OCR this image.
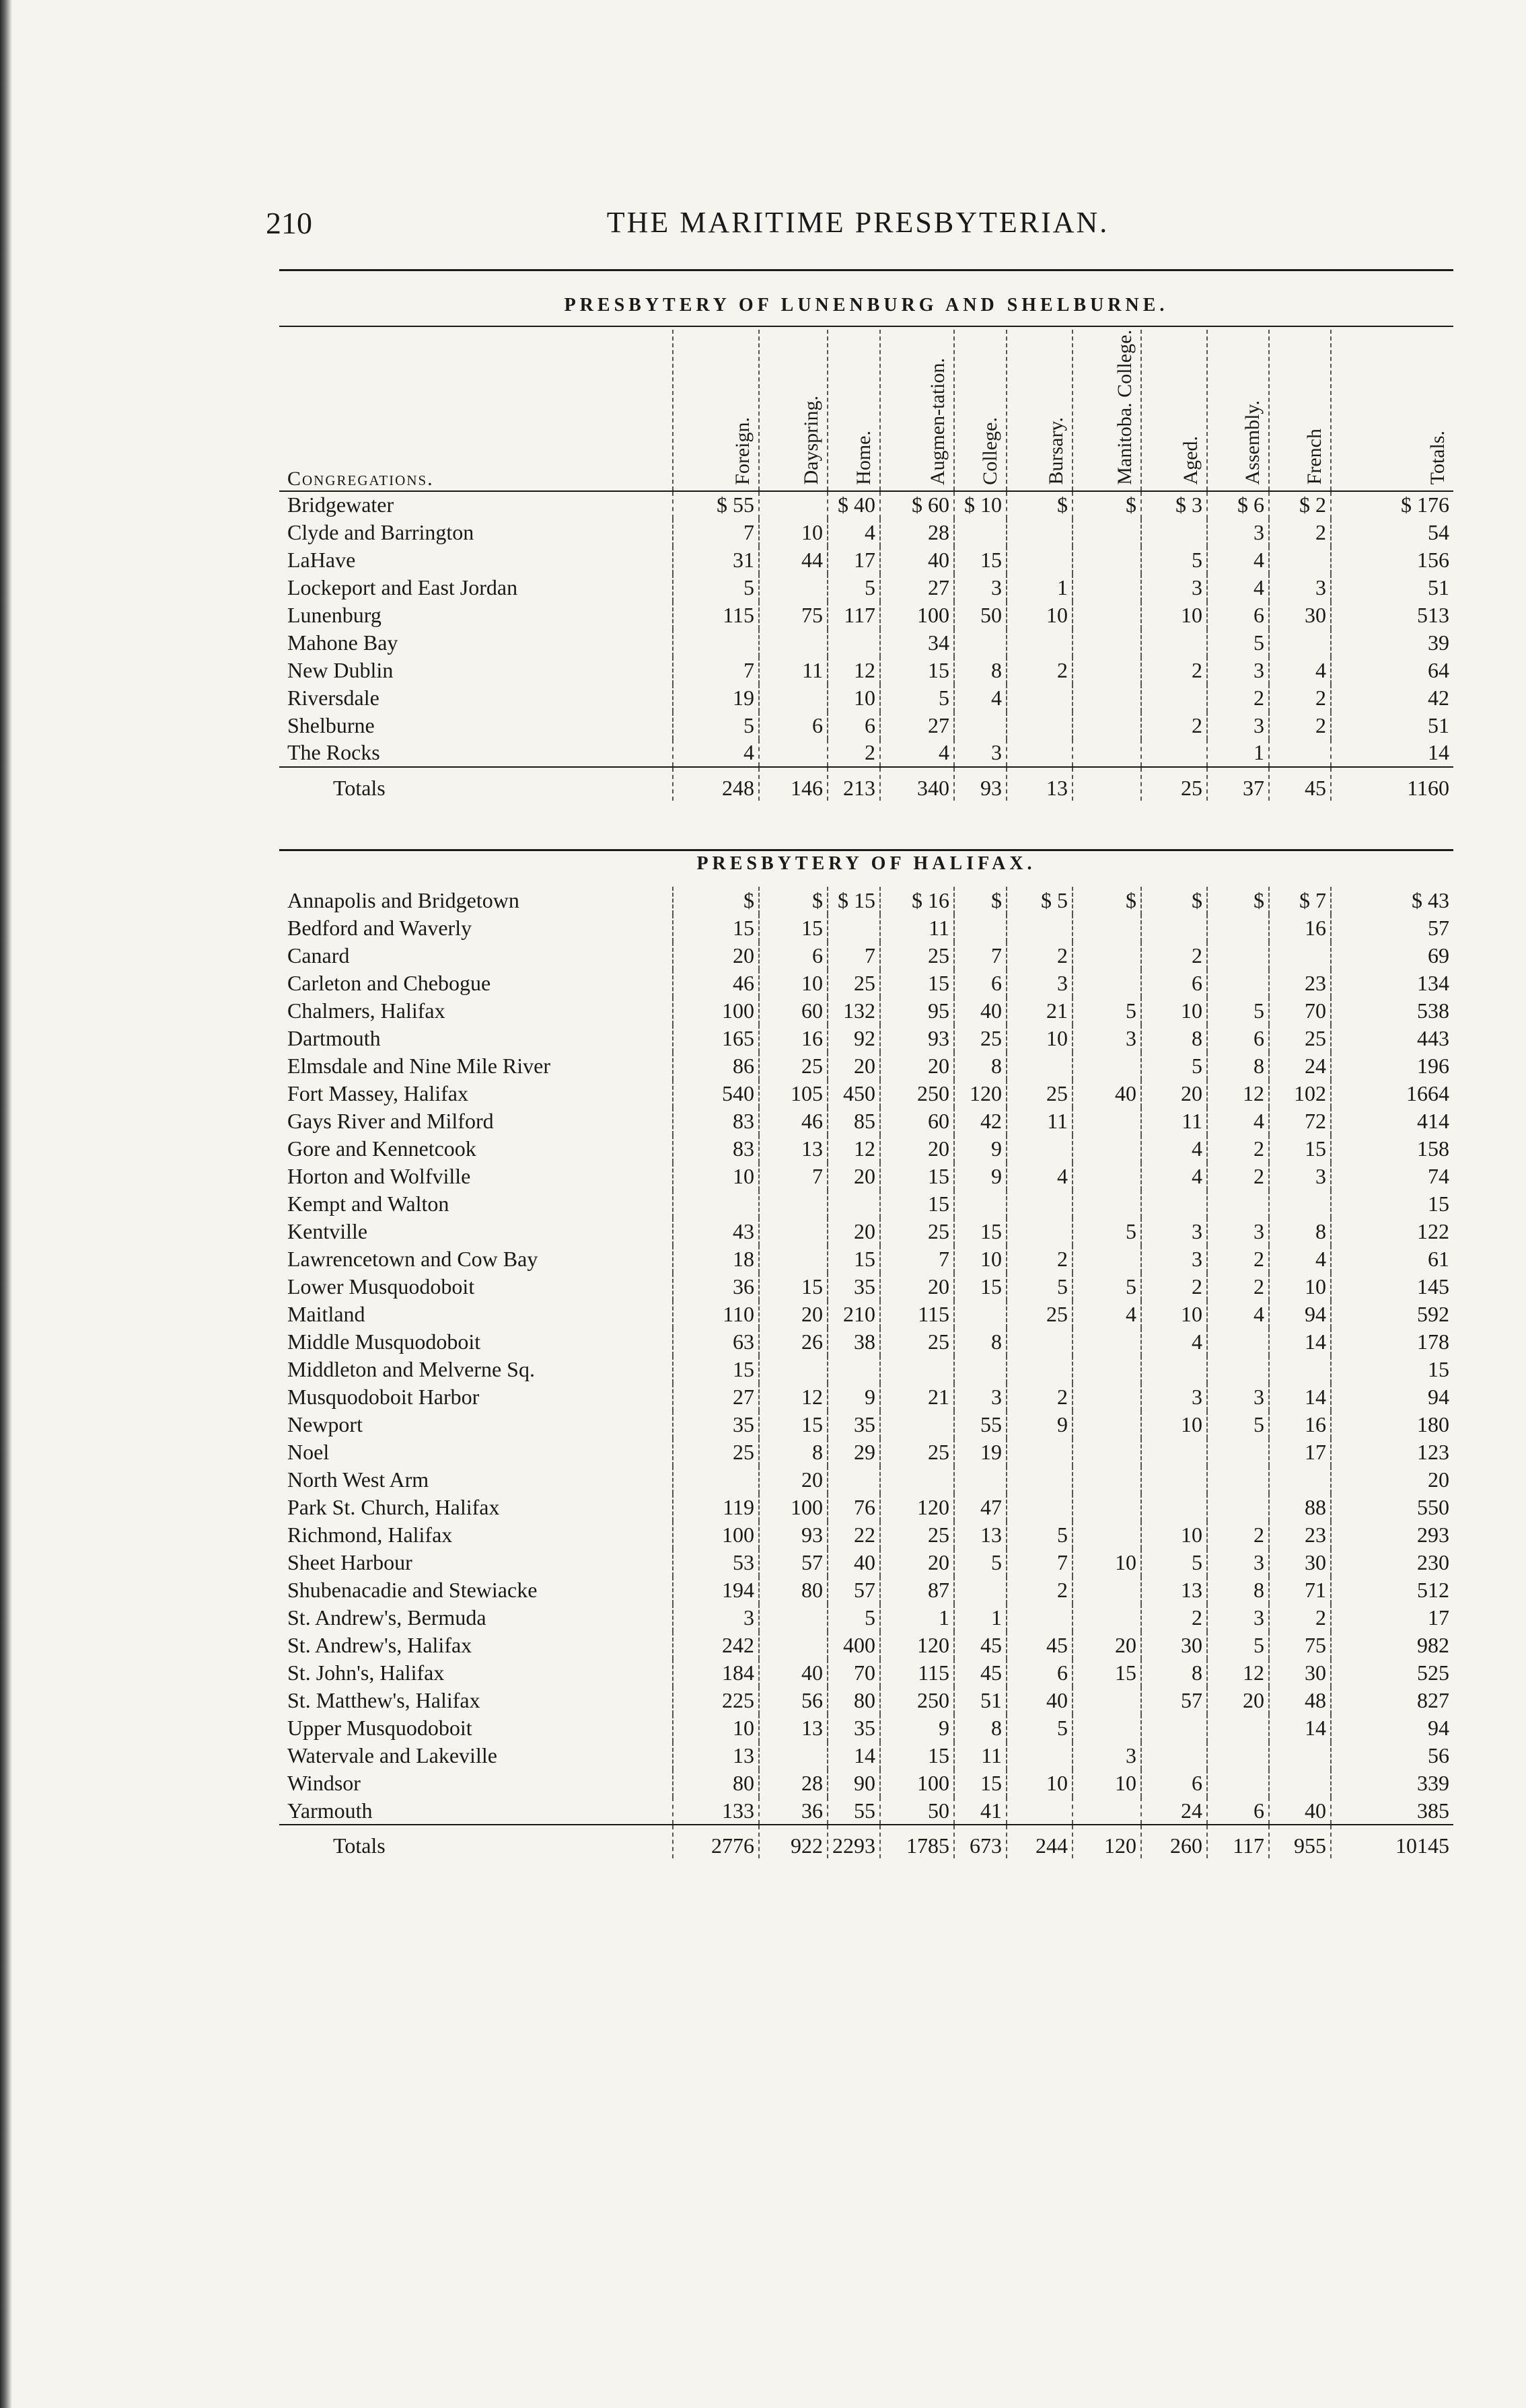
210	THE MARITIME PRESBYTERIAN.
PRESBYTERY OF LUNENBURG AND SHELBURNE.
Congregations.	Foreign.	Dayspring.	Home.	Augmen-tation.	College.	Bursary.	Manitoba. College.	Aged.	Assembly.	French	Totals.
Bridgewater	$ 55		$ 40	$ 60	$ 10	$	$	$ 3	$ 6	$ 2	$ 176
Clyde and Barrington	7	10	4	28					3	2	54
LaHave	31	44	17	40	15			5	4		156
Lockeport and East Jordan	5		5	27	3	1		3	4	3	51
Lunenburg	115	75	117	100	50	10		10	6	30	513
Mahone Bay				34					5		39
New Dublin	7	11	12	15	8	2		2	3	4	64
Riversdale	19		10	5	4				2	2	42
Shelburne	5	6	6	27				2	3	2	51
The Rocks	4		2	4	3				1		14
Totals	248	146	213	340	93	13		25	37	45	1160
PRESBYTERY OF HALIFAX.
Annapolis and Bridgetown	$	$	$ 15	$ 16	$	$ 5	$	$	$	$ 7	$ 43
Bedford and Waverly	15	15		11						16	57
Canard	20	6	7	25	7	2		2			69
Carleton and Chebogue	46	10	25	15	6	3		6		23	134
Chalmers, Halifax	100	60	132	95	40	21	5	10	5	70	538
Dartmouth	165	16	92	93	25	10	3	8	6	25	443
Elmsdale and Nine Mile River	86	25	20	20	8			5	8	24	196
Fort Massey, Halifax	540	105	450	250	120	25	40	20	12	102	1664
Gays River and Milford	83	46	85	60	42	11		11	4	72	414
Gore and Kennetcook	83	13	12	20	9			4	2	15	158
Horton and Wolfville	10	7	20	15	9	4		4	2	3	74
Kempt and Walton				15							15
Kentville	43		20	25	15		5	3	3	8	122
Lawrencetown and Cow Bay	18		15	7	10	2		3	2	4	61
Lower Musquodoboit	36	15	35	20	15	5	5	2	2	10	145
Maitland	110	20	210	115		25	4	10	4	94	592
Middle Musquodoboit	63	26	38	25	8			4		14	178
Middleton and Melverne Sq.	15										15
Musquodoboit Harbor	27	12	9	21	3	2		3	3	14	94
Newport	35	15	35		55	9		10	5	16	180
Noel	25	8	29	25	19					17	123
North West Arm		20									20
Park St. Church, Halifax	119	100	76	120	47					88	550
Richmond, Halifax	100	93	22	25	13	5		10	2	23	293
Sheet Harbour	53	57	40	20	5	7	10	5	3	30	230
Shubenacadie and Stewiacke	194	80	57	87		2		13	8	71	512
St. Andrew's, Bermuda	3		5	1	1			2	3	2	17
St. Andrew's, Halifax	242		400	120	45	45	20	30	5	75	982
St. John's, Halifax	184	40	70	115	45	6	15	8	12	30	525
St. Matthew's, Halifax	225	56	80	250	51	40		57	20	48	827
Upper Musquodoboit	10	13	35	9	8	5				14	94
Watervale and Lakeville	13		14	15	11		3				56
Windsor	80	28	90	100	15	10	10	6			339
Yarmouth	133	36	55	50	41			24	6	40	385
Totals	2776	922	2293	1785	673	244	120	260	117	955	10145
